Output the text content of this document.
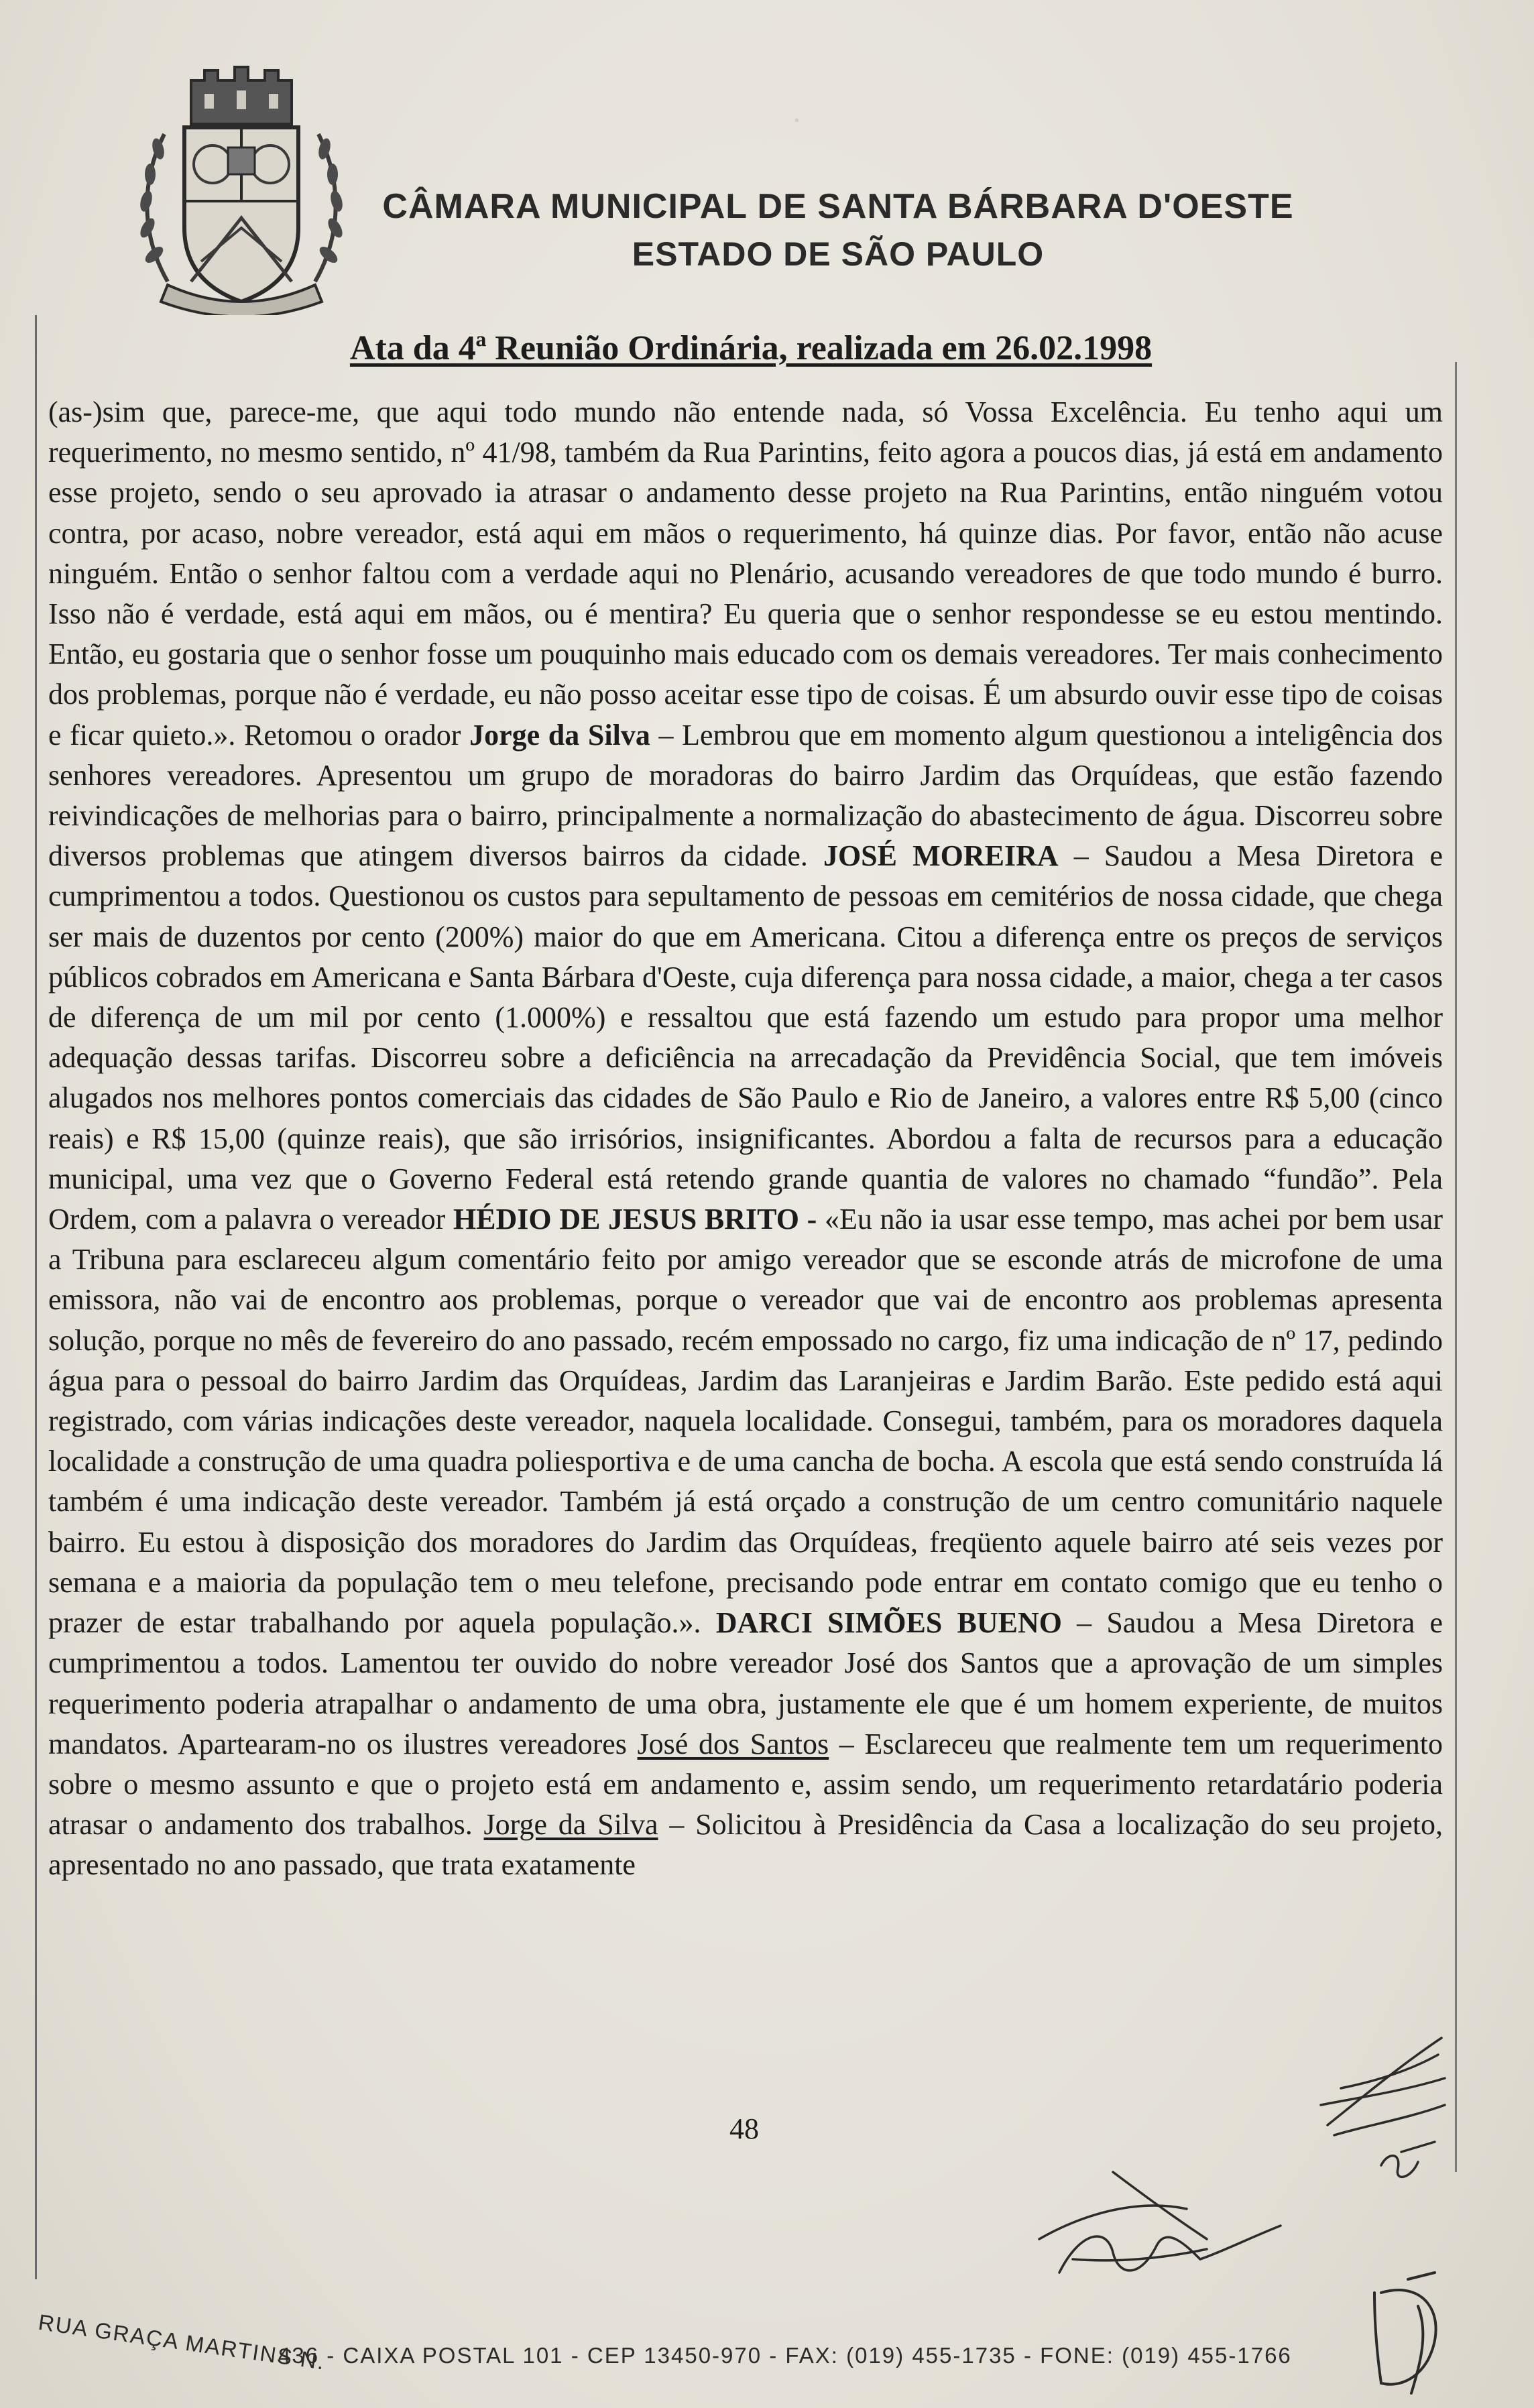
·
CÂMARA MUNICIPAL DE SANTA BÁRBARA D'OESTE
ESTADO DE SÃO PAULO
Ata da 4ª Reunião Ordinária, realizada em 26.02.1998
(as-)sim que, parece-me, que aqui todo mundo não entende nada, só Vossa Excelência. Eu tenho aqui um requerimento, no mesmo sentido, nº 41/98, também da Rua Parintins, feito agora a poucos dias, já está em andamento esse projeto, sendo o seu aprovado ia atrasar o andamento desse projeto na Rua Parintins, então ninguém votou contra, por acaso, nobre vereador, está aqui em mãos o requerimento, há quinze dias. Por favor, então não acuse ninguém. Então o senhor faltou com a verdade aqui no Plenário, acusando vereadores de que todo mundo é burro. Isso não é verdade, está aqui em mãos, ou é mentira? Eu queria que o senhor respondesse se eu estou mentindo. Então, eu gostaria que o senhor fosse um pouquinho mais educado com os demais vereadores. Ter mais conhecimento dos problemas, porque não é verdade, eu não posso aceitar esse tipo de coisas. É um absurdo ouvir esse tipo de coisas e ficar quieto.». Retomou o orador Jorge da Silva – Lembrou que em momento algum questionou a inteligência dos senhores vereadores. Apresentou um grupo de moradoras do bairro Jardim das Orquídeas, que estão fazendo reivindicações de melhorias para o bairro, principalmente a normalização do abastecimento de água. Discorreu sobre diversos problemas que atingem diversos bairros da cidade. JOSÉ MOREIRA – Saudou a Mesa Diretora e cumprimentou a todos. Questionou os custos para sepultamento de pessoas em cemitérios de nossa cidade, que chega ser mais de duzentos por cento (200%) maior do que em Americana. Citou a diferença entre os preços de serviços públicos cobrados em Americana e Santa Bárbara d'Oeste, cuja diferença para nossa cidade, a maior, chega a ter casos de diferença de um mil por cento (1.000%) e ressaltou que está fazendo um estudo para propor uma melhor adequação dessas tarifas. Discorreu sobre a deficiência na arrecadação da Previdência Social, que tem imóveis alugados nos melhores pontos comerciais das cidades de São Paulo e Rio de Janeiro, a valores entre R$ 5,00 (cinco reais) e R$ 15,00 (quinze reais), que são irrisórios, insignificantes. Abordou a falta de recursos para a educação municipal, uma vez que o Governo Federal está retendo grande quantia de valores no chamado “fundão”. Pela Ordem, com a palavra o vereador HÉDIO DE JESUS BRITO - «Eu não ia usar esse tempo, mas achei por bem usar a Tribuna para esclareceu algum comentário feito por amigo vereador que se esconde atrás de microfone de uma emissora, não vai de encontro aos problemas, porque o vereador que vai de encontro aos problemas apresenta solução, porque no mês de fevereiro do ano passado, recém empossado no cargo, fiz uma indicação de nº 17, pedindo água para o pessoal do bairro Jardim das Orquídeas, Jardim das Laranjeiras e Jardim Barão. Este pedido está aqui registrado, com várias indicações deste vereador, naquela localidade. Consegui, também, para os moradores daquela localidade a construção de uma quadra poliesportiva e de uma cancha de bocha. A escola que está sendo construída lá também é uma indicação deste vereador. Também já está orçado a construção de um centro comunitário naquele bairro. Eu estou à disposição dos moradores do Jardim das Orquídeas, freqüento aquele bairro até seis vezes por semana e a maioria da população tem o meu telefone, precisando pode entrar em contato comigo que eu tenho o prazer de estar trabalhando por aquela população.». DARCI SIMÕES BUENO – Saudou a Mesa Diretora e cumprimentou a todos. Lamentou ter ouvido do nobre vereador José dos Santos que a aprovação de um simples requerimento poderia atrapalhar o andamento de uma obra, justamente ele que é um homem experiente, de muitos mandatos. Apartearam-no os ilustres vereadores José dos Santos – Esclareceu que realmente tem um requerimento sobre o mesmo assunto e que o projeto está em andamento e, assim sendo, um requerimento retardatário poderia atrasar o andamento dos trabalhos. Jorge da Silva – Solicitou à Presidência da Casa a localização do seu projeto, apresentado no ano passado, que trata exatamente
48
RUA GRAÇA MARTINS N.
436 - CAIXA POSTAL 101 - CEP 13450-970 - FAX: (019) 455-1735 - FONE: (019) 455-1766
